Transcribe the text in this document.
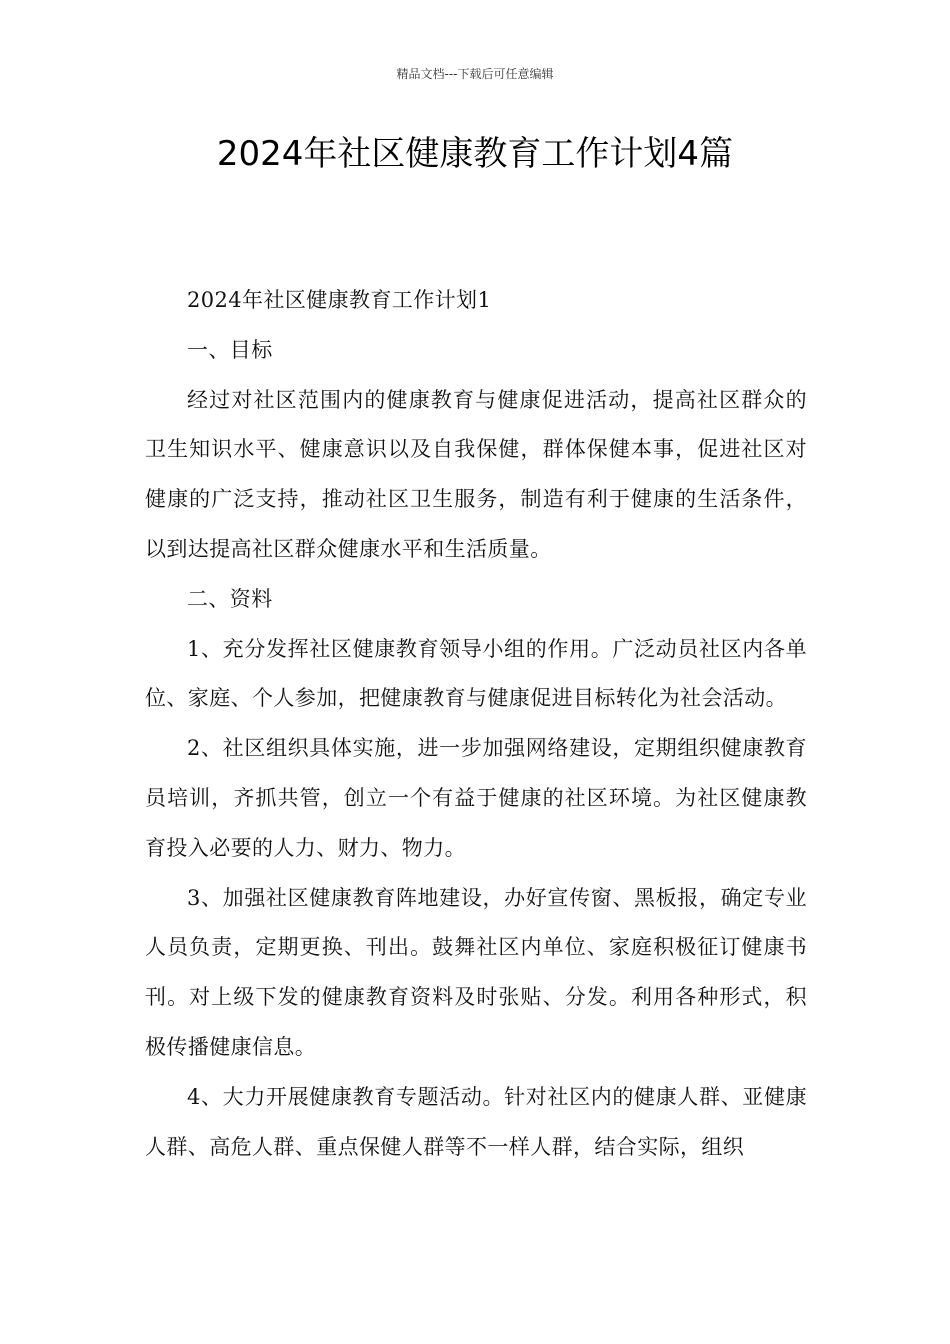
精品文档---下载后可任意编辑
2024年社区健康教育工作计划4篇

2024年社区健康教育工作计划1

一、目标

经过对社区范围内的健康教育与健康促进活动，提高社区群众的卫生知识水平、健康意识以及自我保健，群体保健本事，促进社区对健康的广泛支持，推动社区卫生服务，制造有利于健康的生活条件，以到达提高社区群众健康水平和生活质量。

二、资料

1、充分发挥社区健康教育领导小组的作用。广泛动员社区内各单位、家庭、个人参加，把健康教育与健康促进目标转化为社会活动。

2、社区组织具体实施，进一步加强网络建设，定期组织健康教育员培训，齐抓共管，创立一个有益于健康的社区环境。为社区健康教育投入必要的人力、财力、物力。

3、加强社区健康教育阵地建设，办好宣传窗、黑板报，确定专业人员负责，定期更换、刊出。鼓舞社区内单位、家庭积极征订健康书刊。对上级下发的健康教育资料及时张贴、分发。利用各种形式，积极传播健康信息。

4、大力开展健康教育专题活动。针对社区内的健康人群、亚健康人群、高危人群、重点保健人群等不一样人群，结合实际，组织
